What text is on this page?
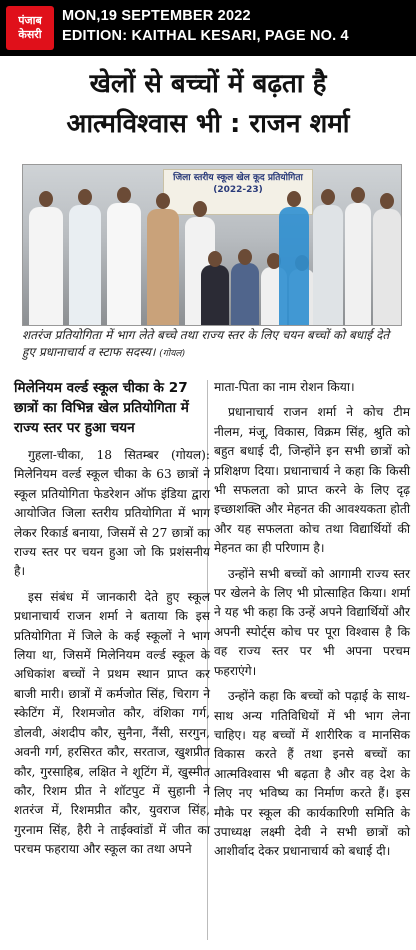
पंजाब
केसरी
MON,19 SEPTEMBER 2022
EDITION: KAITHAL KESARI, PAGE NO. 4
खेलों से बच्चों में बढ़ता है
आत्मविश्वास भी : राजन शर्मा
जिला स्तरीय स्कूल खेल कूद प्रतियोगिता
(2022-23)
शतरंज प्रतियोगिता में भाग लेते बच्चे तथा राज्य स्तर के लिए चयन बच्चों को बधाई देते हुए प्रधानाचार्य व स्टाफ सदस्य। (गोयल)
मिलेनियम वर्ल्ड स्कूल चीका के 27 छात्रों का विभिन्न खेल प्रतियोगिता में राज्य स्तर पर हुआ चयन

गुहला-चीका, 18 सितम्बर (गोयल): मिलेनियम वर्ल्ड स्कूल चीका के 63 छात्रों ने स्कूल प्रतियोगिता फेडरेशन ऑफ इंडिया द्वारा आयोजित जिला स्तरीय प्रतियोगिता में भाग लेकर रिकार्ड बनाया, जिसमें से 27 छात्रों का राज्य स्तर पर चयन हुआ जो कि प्रशंसनीय है।

इस संबंध में जानकारी देते हुए स्कूल प्रधानाचार्य राजन शर्मा ने बताया कि इस प्रतियोगिता में जिले के कई स्कूलों ने भाग लिया था, जिसमें मिलेनियम वर्ल्ड स्कूल के अधिकांश बच्चों ने प्रथम स्थान प्राप्त कर बाजी मारी। छात्रों में कर्मजोत सिंह, चिराग ने स्केटिंग में, रिशमजोत कौर, वंशिका गर्ग, डोलवी, अंशदीप कौर, सुनैना, नैंसी, सरगुन, अवनी गर्ग, हरसिरत कौर, सरताज, खुशप्रीत कौर, गुरसाहिब, लक्षित ने शूटिंग में, खुस्मीत कौर, रिशम प्रीत ने शॉटपुट में सुहानी ने शतरंज में, रिशमप्रीत कौर, युवराज सिंह, गुरनाम सिंह, हैरी ने ताईक्वांडों में जीत का परचम फहराया और स्कूल का तथा अपने

माता-पिता का नाम रोशन किया।

प्रधानाचार्य राजन शर्मा ने कोच टीम नीलम, मंजू, विकास, विक्रम सिंह, श्रुति को बहुत बधाई दी, जिन्होंने इन सभी छात्रों को प्रशिक्षण दिया। प्रधानाचार्य ने कहा कि किसी भी सफलता को प्राप्त करने के लिए दृढ़ इच्छाशक्ति और मेहनत की आवश्यकता होती और यह सफलता कोच तथा विद्यार्थियों की मेहनत का ही परिणाम है।

उन्होंने सभी बच्चों को आगामी राज्य स्तर पर खेलने के लिए भी प्रोत्साहित किया। शर्मा ने यह भी कहा कि उन्हें अपने विद्यार्थियों और अपनी स्पोर्ट्स कोच पर पूरा विश्वास है कि वह राज्य स्तर पर भी अपना परचम फहराएंगे।

उन्होंने कहा कि बच्चों को पढ़ाई के साथ-साथ अन्य गतिविधियों में भी भाग लेना चाहिए। यह बच्चों में शारीरिक व मानसिक विकास करते हैं तथा इनसे बच्चों का आत्मविश्वास भी बढ़ता है और वह देश के लिए नए भविष्य का निर्माण करते हैं। इस मौके पर स्कूल की कार्यकारिणी समिति के उपाध्यक्ष लक्ष्मी देवी ने सभी छात्रों को आशीर्वाद देकर प्रधानाचार्य को बधाई दी।
